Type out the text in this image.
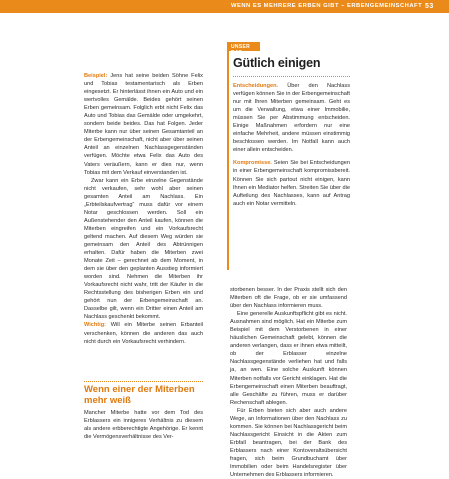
WENN ES MEHRERE ERBEN GIBT – ERBENGEMEINSCHAFT 53

Beispiel: Jens hat seine beiden Söhne Felix und Tobias testamentarisch als Erben eingesetzt. Er hinterlässt ihnen ein Auto und ein wertvolles Gemälde. Beides gehört seinen Erben gemeinsam. Folglich erbt nicht Felix das Auto und Tobias das Gemälde oder umgekehrt, sondern beide beides. Das hat Folgen. Jeder Miterbe kann nur über seinen Gesamtanteil an der Erbengemeinschaft, nicht aber über seinen Anteil an einzelnen Nachlassgegenständen verfügen. Möchte etwa Felix das Auto des Vaters veräußern, kann er dies nur, wenn Tobias mit dem Verkauf einverstanden ist.

Zwar kann ein Erbe einzelne Gegenstände nicht verkaufen, sehr wohl aber seinen gesamten Anteil am Nachlass. Ein „Erbteilskaufvertrag“ muss dafür vor einem Notar geschlossen werden. Soll ein Außenstehender den Anteil kaufen, können die Miterben eingreifen und ein Vorkaufsrecht geltend machen. Auf diesem Weg würden sie gemeinsam den Anteil des Abtrünnigen erhalten. Dafür haben die Miterben zwei Monate Zeit – gerechnet ab dem Moment, in dem sie über den geplanten Ausstieg informiert worden sind. Nehmen die Miterben ihr Vorkaufsrecht nicht wahr, tritt der Käufer in die Rechtsstellung des bisherigen Erben ein und gehört nun der Erbengemeinschaft an. Dasselbe gilt, wenn ein Dritter einen Anteil am Nachlass geschenkt bekommt.

Wichtig: Will ein Miterbe seinen Erbanteil verschenken, können die anderen das auch nicht durch ein Vorkaufsrecht verhindern.

Wenn einer der Miterben mehr weiß

Mancher Miterbe hatte vor dem Tod des Erblassers ein innigeres Verhältnis zu diesem als andere erbberechtigte Angehörige. Er kennt die Vermögensverhältnisse des Ver-

UNSER RAT
Gütlich einigen

Entscheidungen. Über den Nachlass verfügen können Sie in der Erbengemeinschaft nur mit Ihren Miterben gemeinsam. Geht es um die Verwaltung, etwa einer Immobilie, müssen Sie per Abstimmung entscheiden. Einige Maßnahmen erfordern nur eine einfache Mehrheit, andere müssen einstimmig beschlossen werden. Im Notfall kann auch einer allein entscheiden.

Kompromisse. Seien Sie bei Entscheidungen in einer Erbengemeinschaft kompromissbereit. Können Sie sich partout nicht einigen, kann Ihnen ein Mediator helfen. Streiten Sie über die Aufteilung des Nachlasses, kann auf Antrag auch ein Notar vermitteln.

storbenen besser. In der Praxis stellt sich den Miterben oft die Frage, ob er sie umfassend über den Nachlass informieren muss.

Eine generelle Auskunftspflicht gibt es nicht. Ausnahmen sind möglich. Hat ein Miterbe zum Beispiel mit dem Verstorbenen in einer häuslichen Gemeinschaft gelebt, können die anderen verlangen, dass er ihnen etwa mitteilt, ob der Erblasser einzelne Nachlassgegenstände verliehen hat und falls ja, an wen. Eine solche Auskunft können Miterben notfalls vor Gericht einklagen. Hat die Erbengemeinschaft einen Miterben beauftragt, alle Geschäfte zu führen, muss er darüber Rechenschaft ablegen.

Für Erben bieten sich aber auch andere Wege, an Informationen über den Nachlass zu kommen. Sie können bei Nachlassgericht beim Nachlassgericht Einsicht in die Akten zum Erbfall beantragen, bei der Bank des Erblassers nach einer Kontoveraltsübersicht fragen, sich beim Grundbuchamt über Immobilien oder beim Handelsregister über Unternehmen des Erblassers informieren.
